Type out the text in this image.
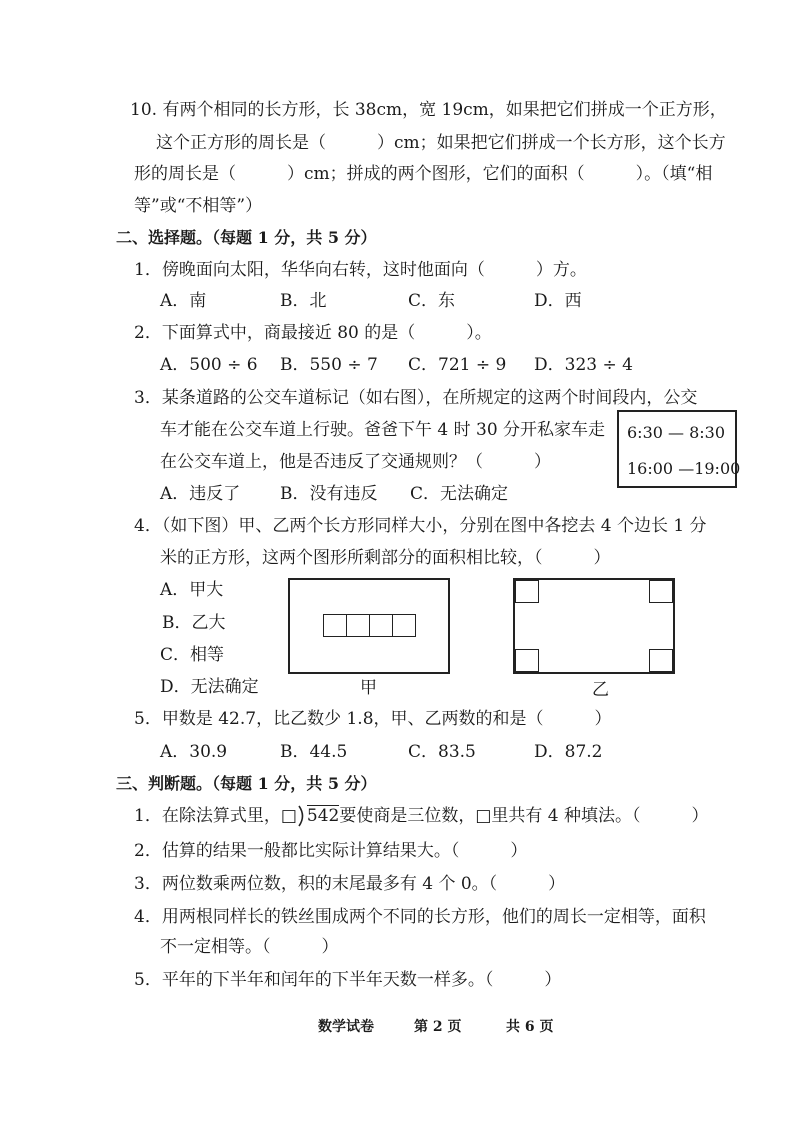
10. 有两个相同的长方形，长 38cm，宽 19cm，如果把它们拼成一个正方形，
这个正方形的周长是（　　　）cm；如果把它们拼成一个长方形，这个长方
形的周长是（　　　）cm；拼成的两个图形，它们的面积（　　　）。（填“相
等”或“不相等”）
二、选择题。（每题 1 分，共 5 分）
1．傍晚面向太阳，华华向右转，这时他面向（　　　）方。
A．南	B．北	C．东	D．西
2．下面算式中，商最接近 80 的是（　　　）。
A．500 ÷ 6 B．550 ÷ 7 C．721 ÷ 9 D．323 ÷ 4
3．某条道路的公交车道标记（如右图），在所规定的这两个时间段内，公交
车才能在公交车道上行驶。爸爸下午 4 时 30 分开私家车走
在公交车道上，他是否违反了交通规则？（　　　）
6:30 — 8:30
16:00 —19:00
A．违反了 B．没有违反 C．无法确定
4．（如下图）甲、乙两个长方形同样大小，分别在图中各挖去 4 个边长 1 分
米的正方形，这两个图形所剩部分的面积相比较，（　　　）
A．甲大
B．乙大
C．相等
D．无法确定	甲	乙
5．甲数是 42.7，比乙数少 1.8，甲、乙两数的和是（　　　）
A．30.9	B．44.5	C．83.5	D．87.2
三、判断题。（每题 1 分，共 5 分）
1．在除法算式里，□ 542要使商是三位数，□里共有 4 种填法。（　　　）
2．估算的结果一般都比实际计算结果大。（　　　）
3．两位数乘两位数，积的末尾最多有 4 个 0。（　　　）
4．用两根同样长的铁丝围成两个不同的长方形，他们的周长一定相等，面积
不一定相等。（　　　）
5．平年的下半年和闰年的下半年天数一样多。（　　　）
数学试卷	第 2 页	共 6 页
